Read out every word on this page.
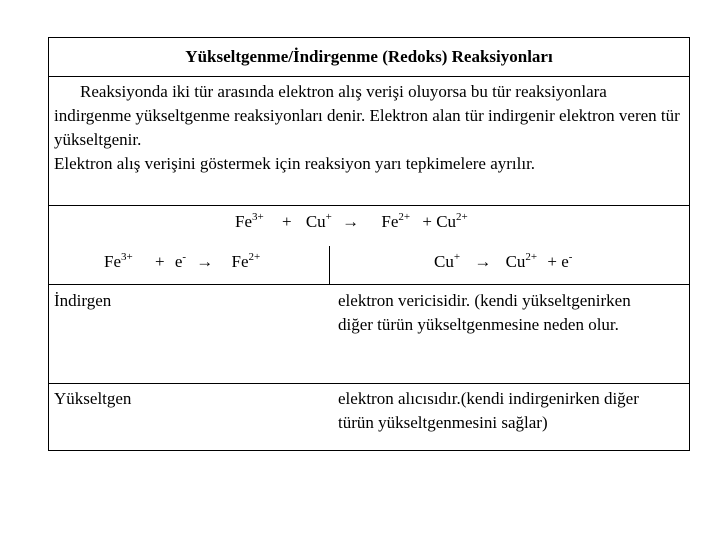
Yükseltgenme/İndirgenme (Redoks) Reaksiyonları

Reaksiyonda iki tür arasında elektron alış verişi oluyorsa bu tür reaksiyonlara indirgenme yükseltgenme reaksiyonları denir. Elektron alan tür indirgenir elektron veren tür yükseltgenir.

Elektron alış verişini göstermek için reaksiyon yarı tepkimelere ayrılır.

$Fe^{3+} + Cu^+ \to Fe^{2+} + Cu^{2+}$
$Fe^{3+} + e^- \to Fe^{2+}$	$Cu^+ \to Cu^{2+} + e^-$
İndirgen	elektron vericisidir. (kendi yükseltgenirken diğer türün yükseltgenmesine neden olur.
Yükseltgen	elektron alıcısıdır.(kendi indirgenirken diğer türün yükseltgenmesini sağlar)
